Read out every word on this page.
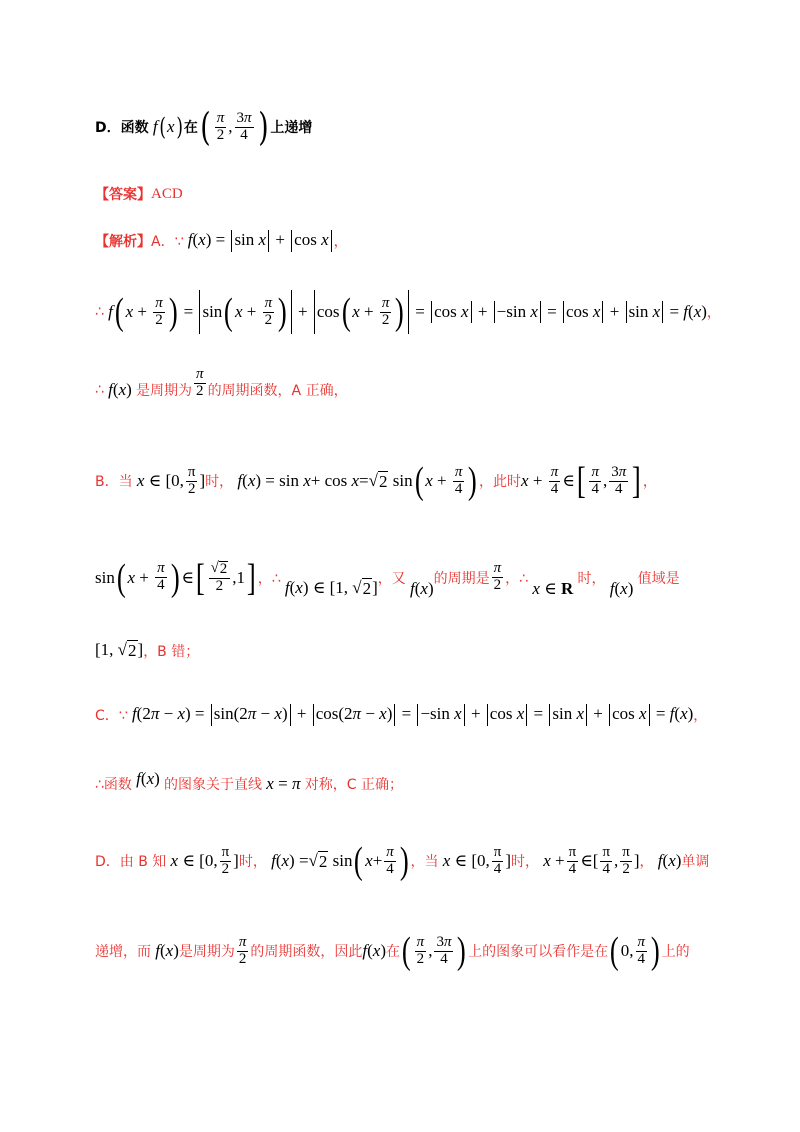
D．函数 f ( x ) 在 ( $\frac{\pi}{2}$ , $\frac{3\pi}{4}$ ) 上递增
【答案】 ACD
【解析】 A．∵ f(x) = sin x + cos x ，
∴
f ( $x + \frac{\pi}{2}$ ) =
sin ( $x + \frac{\pi}{2}$ ) +
cos ( $x + \frac{\pi}{2}$ ) =
cos x +
−sin x =
cos x +
sin x = f ( x ) ，
∴ f(x) 是周期为 $\frac{\pi}{2}$ 的周期函数，A 正确，
B．当 x ∈ [0, $\frac{\pi}{2}$ ] 时，
f ( x ) = sin x + cos x = √ 2 sin ( $x + \frac{\pi}{4}$ ) ，此时 $x + \frac{\pi}{4}$ ∈ [ $\frac{\pi}{4}$ , $\frac{3\pi}{4}$ ] ，
sin ( $x + \frac{\pi}{4}$ ) ∈ [ $\frac{√ 2}{2} ,1$ ] ，∴ f(x) ∈ [1, √ 2 ] ，又 f(x) 的周期是 $\frac{\pi}{2}$ ，∴ x ∈ R 时， f(x) 值域是
[1, √ 2 ] ，B 错；
C．∵ f(2π − x) = sin(2π − x) + cos(2π − x) = −sin x + cos x = sin x + cos x = f(x) ，
∴函数 f(x) 的图象关于直线 x = π 对称，C 正确；
D．由 B 知 x ∈ [0, $\frac{\pi}{2}$ ] 时，
f ( x ) = √ 2 sin ( $x + \frac{\pi}{4}$ ) ，当 x ∈ [0, $\frac{\pi}{4}$ ] 时， $x + \frac{\pi}{4}$ ∈[ $\frac{\pi}{4}$ , $\frac{\pi}{2}$ ] ， f(x) 单调
递增，而 f(x) 是周期为 $\frac{\pi}{2}$ 的周期函数，因此 f(x) 在 ( $\frac{\pi}{2}$ , $\frac{3\pi}{4}$ ) 上的图象可以看作是在 ( 0, $\frac{\pi}{4}$ ) 上的
